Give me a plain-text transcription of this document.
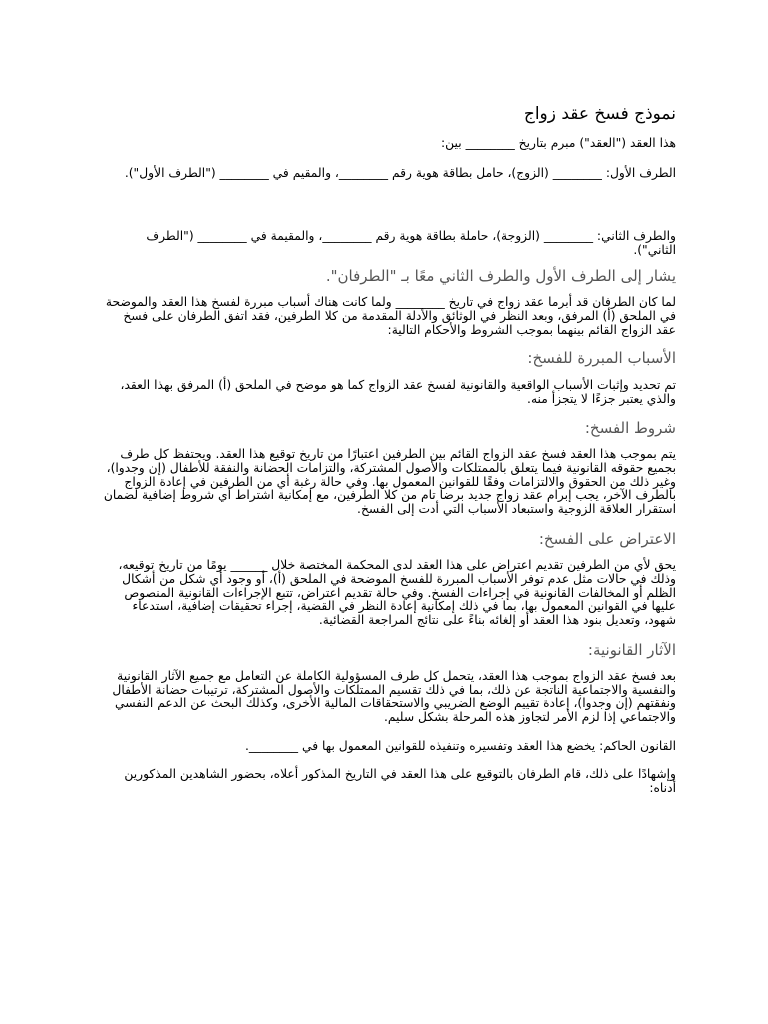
نموذج فسخ عقد زواج

هذا العقد ("العقد") مبرم بتاريخ ________ بين:

الطرف الأول: ________ (الزوج)، حامل بطاقة هوية رقم ________، والمقيم في ________ ("الطرف الأول").

والطرف الثاني: ________ (الزوجة)، حاملة بطاقة هوية رقم ________، والمقيمة في ________ ("الطرف الثاني").

يشار إلى الطرف الأول والطرف الثاني معًا بـ "الطرفان".

لما كان الطرفان قد أبرما عقد زواج في تاريخ ________ ولما كانت هناك أسباب مبررة لفسخ هذا العقد والموضحة في الملحق (أ) المرفق، وبعد النظر في الوثائق والأدلة المقدمة من كلا الطرفين، فقد اتفق الطرفان على فسخ عقد الزواج القائم بينهما بموجب الشروط والأحكام التالية:

الأسباب المبررة للفسخ:

تم تحديد وإثبات الأسباب الواقعية والقانونية لفسخ عقد الزواج كما هو موضح في الملحق (أ) المرفق بهذا العقد، والذي يعتبر جزءًا لا يتجزأ منه.

شروط الفسخ:

يتم بموجب هذا العقد فسخ عقد الزواج القائم بين الطرفين اعتبارًا من تاريخ توقيع هذا العقد. ويحتفظ كل طرف بجميع حقوقه القانونية فيما يتعلق بالممتلكات والأصول المشتركة، والتزامات الحضانة والنفقة للأطفال (إن وجدوا)، وغير ذلك من الحقوق والالتزامات وفقًا للقوانين المعمول بها. وفي حالة رغبة أي من الطرفين في إعادة الزواج بالطرف الآخر، يجب إبرام عقد زواج جديد برضا تام من كلا الطرفين، مع إمكانية اشتراط أي شروط إضافية لضمان استقرار العلاقة الزوجية واستبعاد الأسباب التي أدت إلى الفسخ.

الاعتراض على الفسخ:

يحق لأي من الطرفين تقديم اعتراض على هذا العقد لدى المحكمة المختصة خلال ______ يومًا من تاريخ توقيعه، وذلك في حالات مثل عدم توفر الأسباب المبررة للفسخ الموضحة في الملحق (أ)، أو وجود أي شكل من أشكال الظلم أو المخالفات القانونية في إجراءات الفسخ. وفي حالة تقديم اعتراض، تتبع الإجراءات القانونية المنصوص عليها في القوانين المعمول بها، بما في ذلك إمكانية إعادة النظر في القضية، إجراء تحقيقات إضافية، استدعاء شهود، وتعديل بنود هذا العقد أو إلغائه بناءً على نتائج المراجعة القضائية.

الآثار القانونية:

بعد فسخ عقد الزواج بموجب هذا العقد، يتحمل كل طرف المسؤولية الكاملة عن التعامل مع جميع الآثار القانونية والنفسية والاجتماعية الناتجة عن ذلك، بما في ذلك تقسيم الممتلكات والأصول المشتركة، ترتيبات حضانة الأطفال ونفقتهم (إن وجدوا)، إعادة تقييم الوضع الضريبي والاستحقاقات المالية الأخرى، وكذلك البحث عن الدعم النفسي والاجتماعي إذا لزم الأمر لتجاوز هذه المرحلة بشكل سليم.

القانون الحاكم: يخضع هذا العقد وتفسيره وتنفيذه للقوانين المعمول بها في ________.

وإشهادًا على ذلك، قام الطرفان بالتوقيع على هذا العقد في التاريخ المذكور أعلاه، بحضور الشاهدين المذكورين أدناه:
